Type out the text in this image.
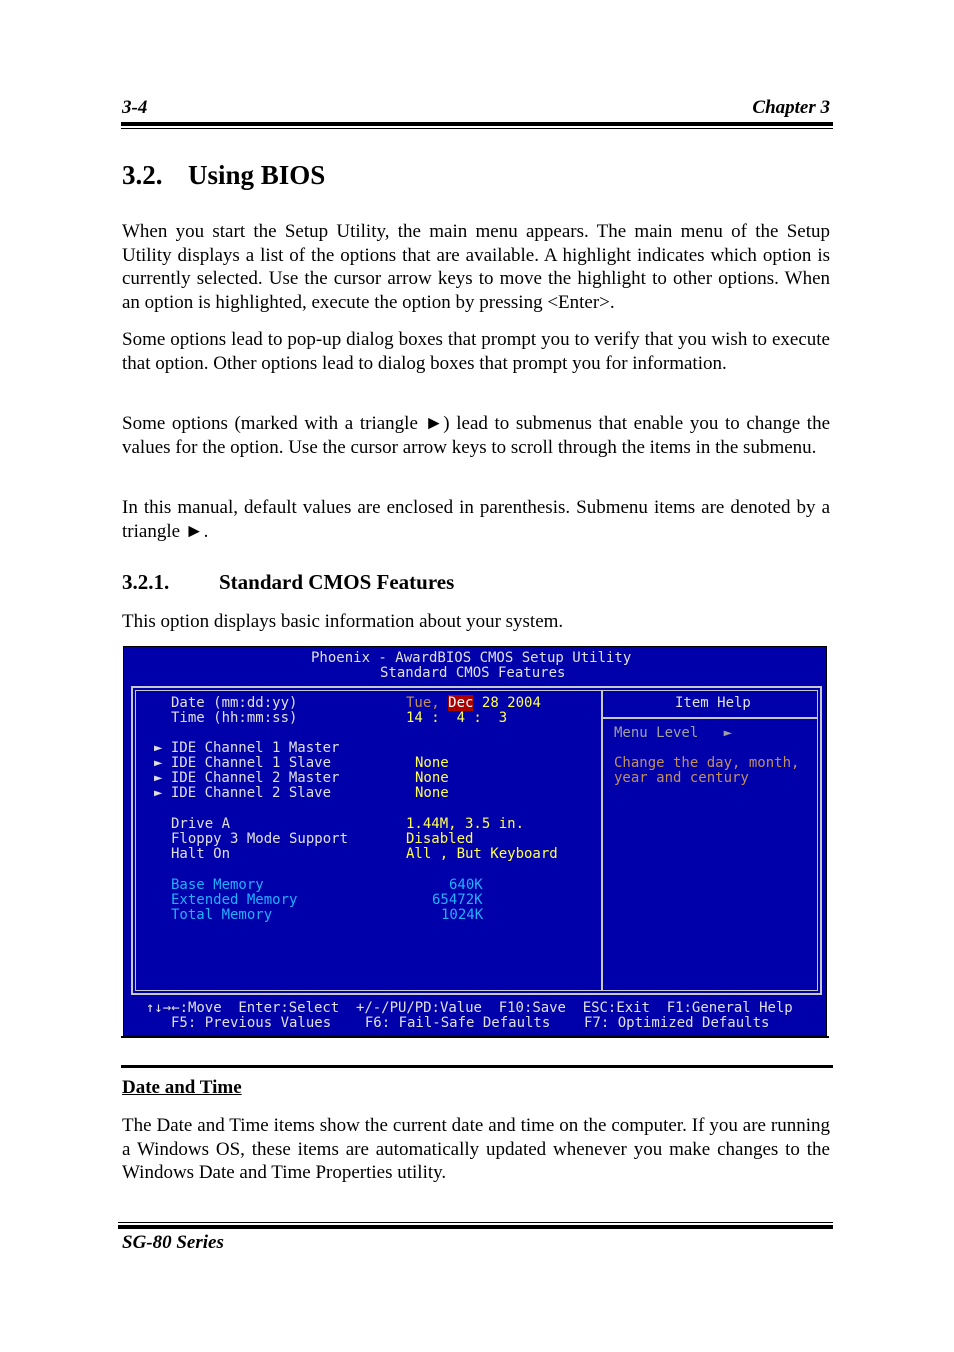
3-4	Chapter 3
3.2. Using BIOS

When you start the Setup Utility, the main menu appears. The main menu of the Setup Utility displays a list of the options that are available. A highlight indicates which option is currently selected. Use the cursor arrow keys to move the highlight to other options. When an option is highlighted, execute the option by pressing <Enter>.

Some options lead to pop-up dialog boxes that prompt you to verify that you wish to execute that option. Other options lead to dialog boxes that prompt you for information.

Some options (marked with a triangle ►) lead to submenus that enable you to change the values for the option. Use the cursor arrow keys to scroll through the items in the submenu.

In this manual, default values are enclosed in parenthesis. Submenu items are denoted by a triangle ►.

3.2.1. Standard CMOS Features

This option displays basic information about your system.

Phoenix - AwardBIOS CMOS Setup Utility
Standard CMOS Features
Date (mm:dd:yy)	Tue, Dec 28 2004
Time (hh:mm:ss)	14 :  4 :  3
► IDE Channel 1 Master
► IDE Channel 1 Slave	None
► IDE Channel 2 Master	None
► IDE Channel 2 Slave	None
Drive A	1.44M, 3.5 in.
Floppy 3 Mode Support	Disabled
Halt On	All , But Keyboard
Base Memory	640K
Extended Memory	65472K
Total Memory	1024K
Item Help
Menu Level   ►
Change the day, month,
year and century
↑↓→←:Move  Enter:Select  +/-/PU/PD:Value  F10:Save  ESC:Exit  F1:General Help
F5: Previous Values    F6: Fail-Safe Defaults    F7: Optimized Defaults
Date and Time

The Date and Time items show the current date and time on the computer. If you are running a Windows OS, these items are automatically updated whenever you make changes to the Windows Date and Time Properties utility.

SG-80 Series
